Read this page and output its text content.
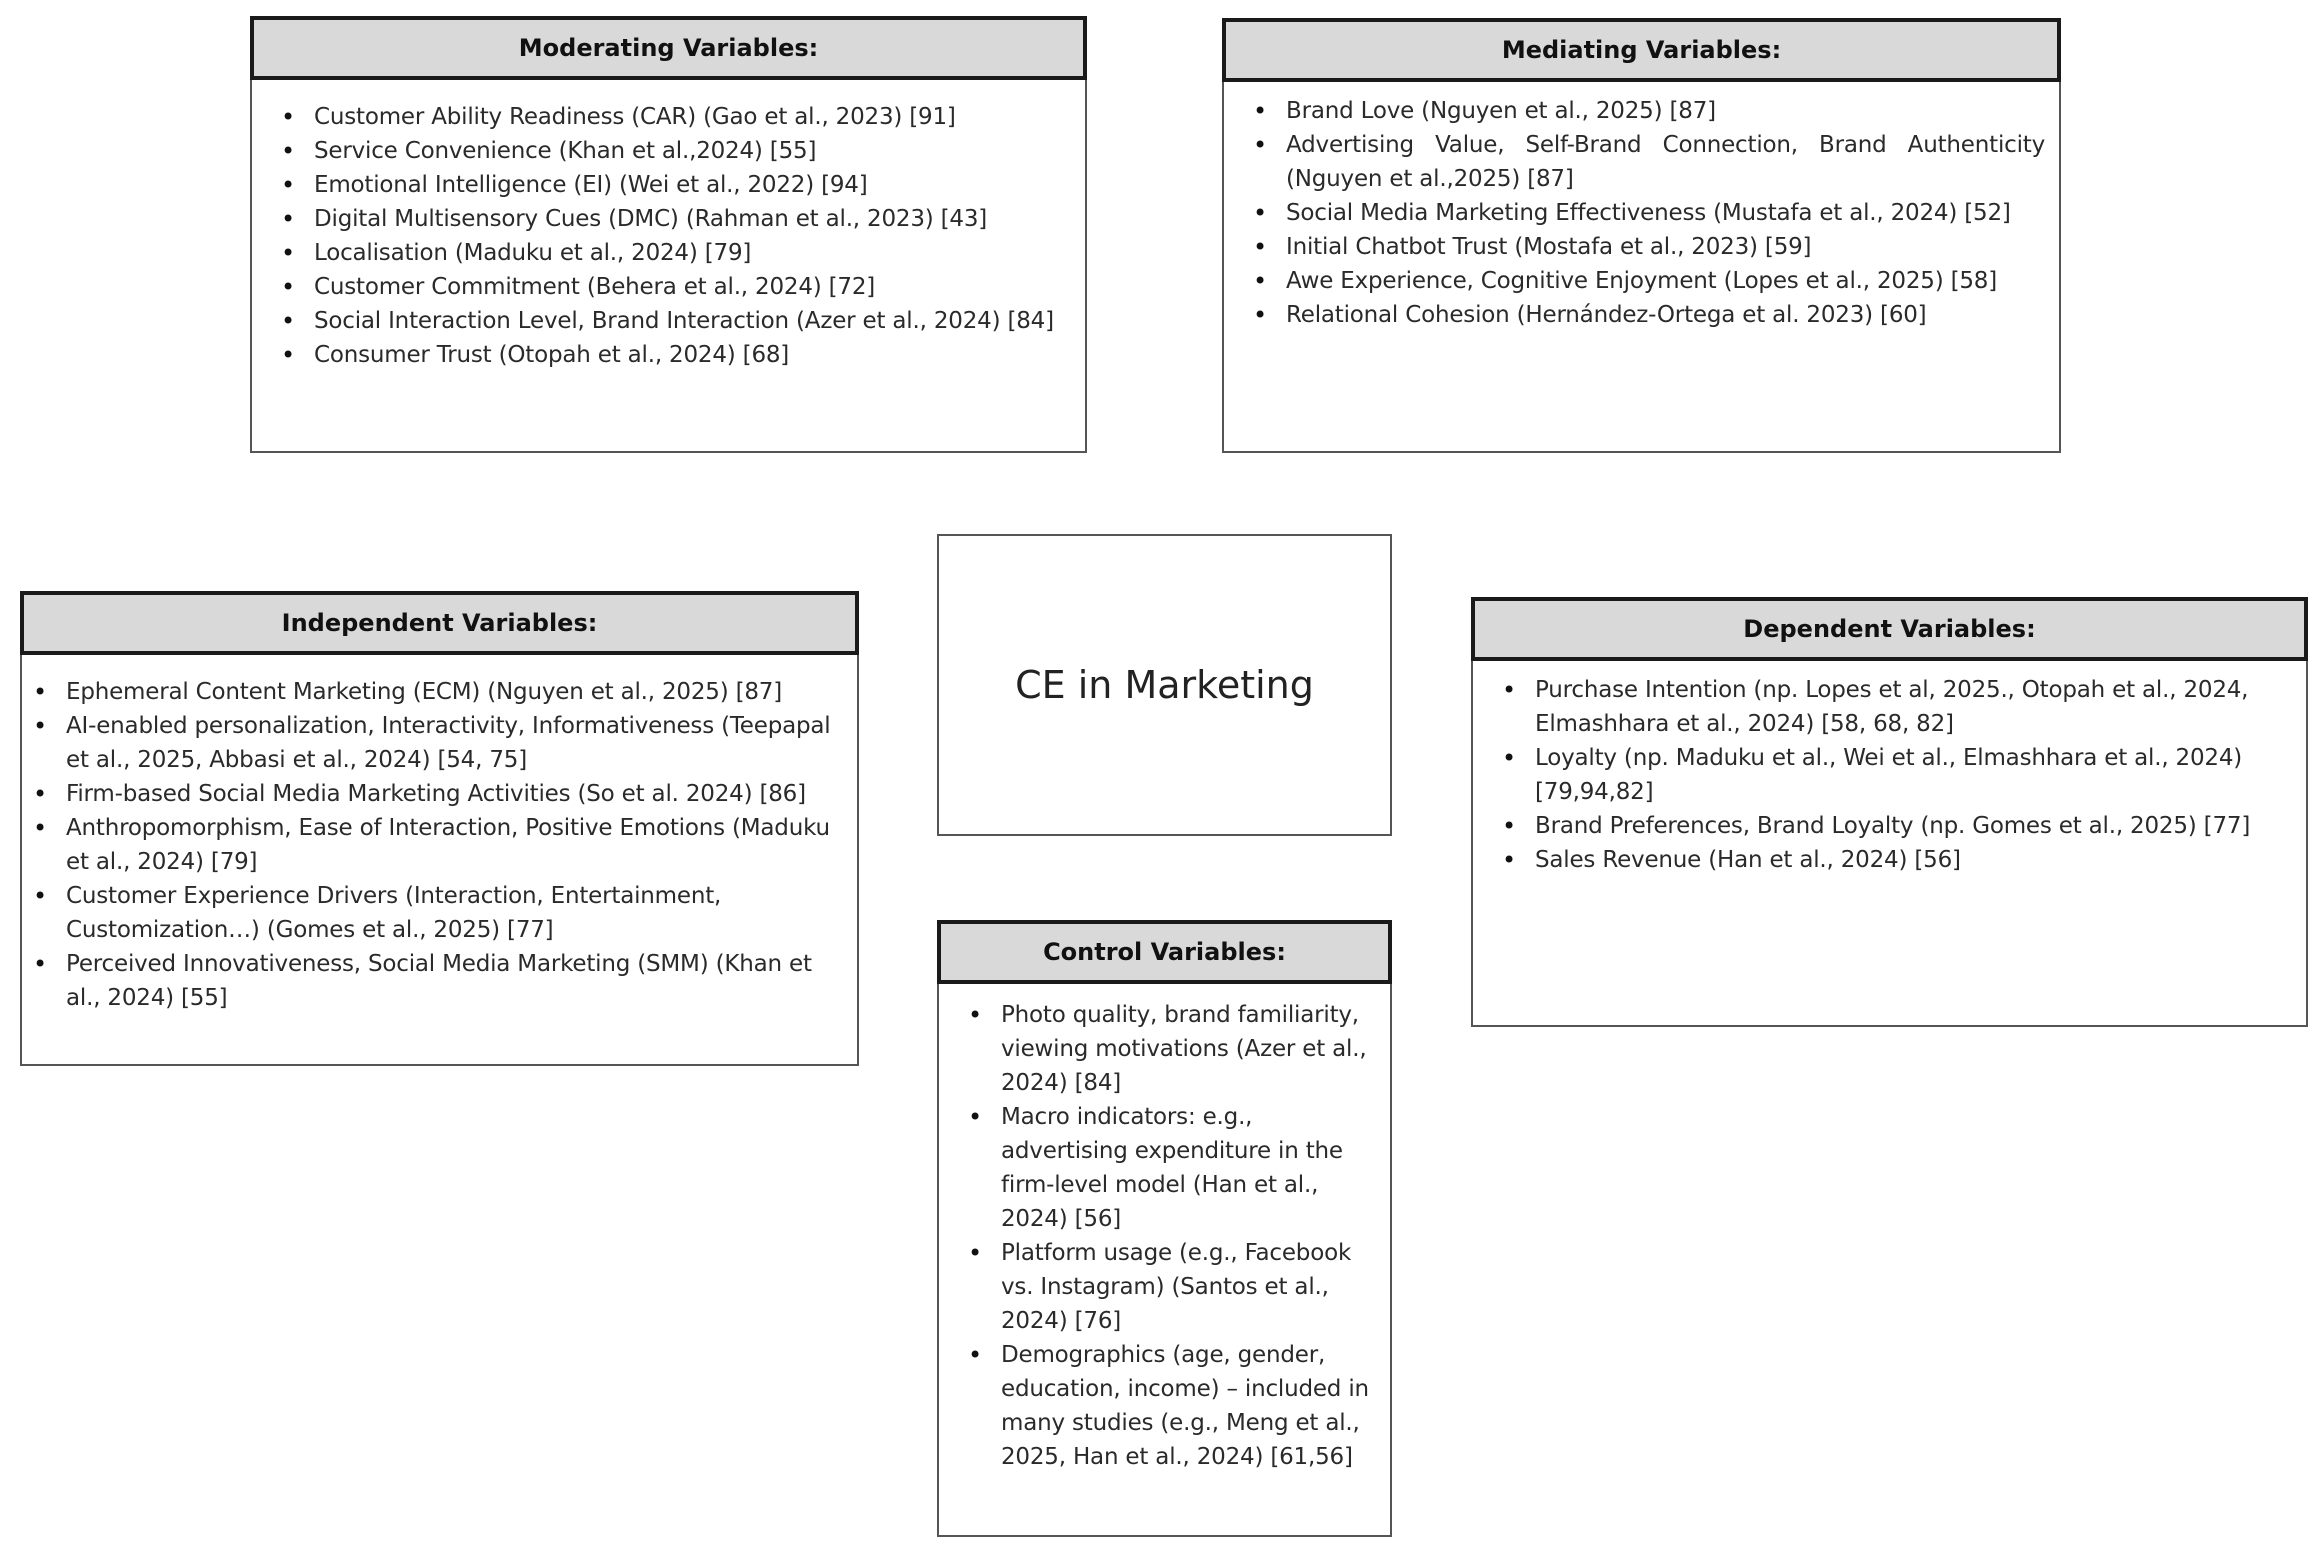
Moderating Variables:
• Customer Ability Readiness (CAR) (Gao et al., 2023) [91]
• Service Convenience (Khan et al.,2024) [55]
• Emotional Intelligence (EI) (Wei et al., 2022) [94]
• Digital Multisensory Cues (DMC) (Rahman et al., 2023) [43]
• Localisation (Maduku et al., 2024) [79]
• Customer Commitment (Behera et al., 2024) [72]
• Social Interaction Level, Brand Interaction (Azer et al., 2024) [84]
• Consumer Trust (Otopah et al., 2024) [68]
Mediating Variables:
• Brand Love (Nguyen et al., 2025) [87]
• Advertising Value, Self-Brand Connection, Brand Authenticity (Nguyen et al.,2025) [87]
• Social Media Marketing Effectiveness (Mustafa et al., 2024) [52]
• Initial Chatbot Trust (Mostafa et al., 2023) [59]
• Awe Experience, Cognitive Enjoyment (Lopes et al., 2025) [58]
• Relational Cohesion (Hernández-Ortega et al. 2023) [60]
CE in Marketing
Independent Variables:
• Ephemeral Content Marketing (ECM) (Nguyen et al., 2025) [87]
• AI-enabled personalization, Interactivity, Informativeness (Teepapal et al., 2025, Abbasi et al., 2024) [54, 75]
• Firm-based Social Media Marketing Activities (So et al. 2024) [86]
• Anthropomorphism, Ease of Interaction, Positive Emotions (Maduku et al., 2024) [79]
• Customer Experience Drivers (Interaction, Entertainment, Customization…) (Gomes et al., 2025) [77]
• Perceived Innovativeness, Social Media Marketing (SMM) (Khan et al., 2024) [55]
Dependent Variables:
• Purchase Intention (np. Lopes et al, 2025., Otopah et al., 2024, Elmashhara et al., 2024) [58, 68, 82]
• Loyalty (np. Maduku et al., Wei et al., Elmashhara et al., 2024) [79,94,82]
• Brand Preferences, Brand Loyalty (np. Gomes et al., 2025) [77]
• Sales Revenue (Han et al., 2024) [56]
Control Variables:
• Photo quality, brand familiarity, viewing motivations (Azer et al., 2024) [84]
• Macro indicators: e.g., advertising expenditure in the firm-level model (Han et al., 2024) [56]
• Platform usage (e.g., Facebook vs. Instagram) (Santos et al., 2024) [76]
• Demographics (age, gender, education, income) – included in many studies (e.g., Meng et al., 2025, Han et al., 2024) [61,56]
